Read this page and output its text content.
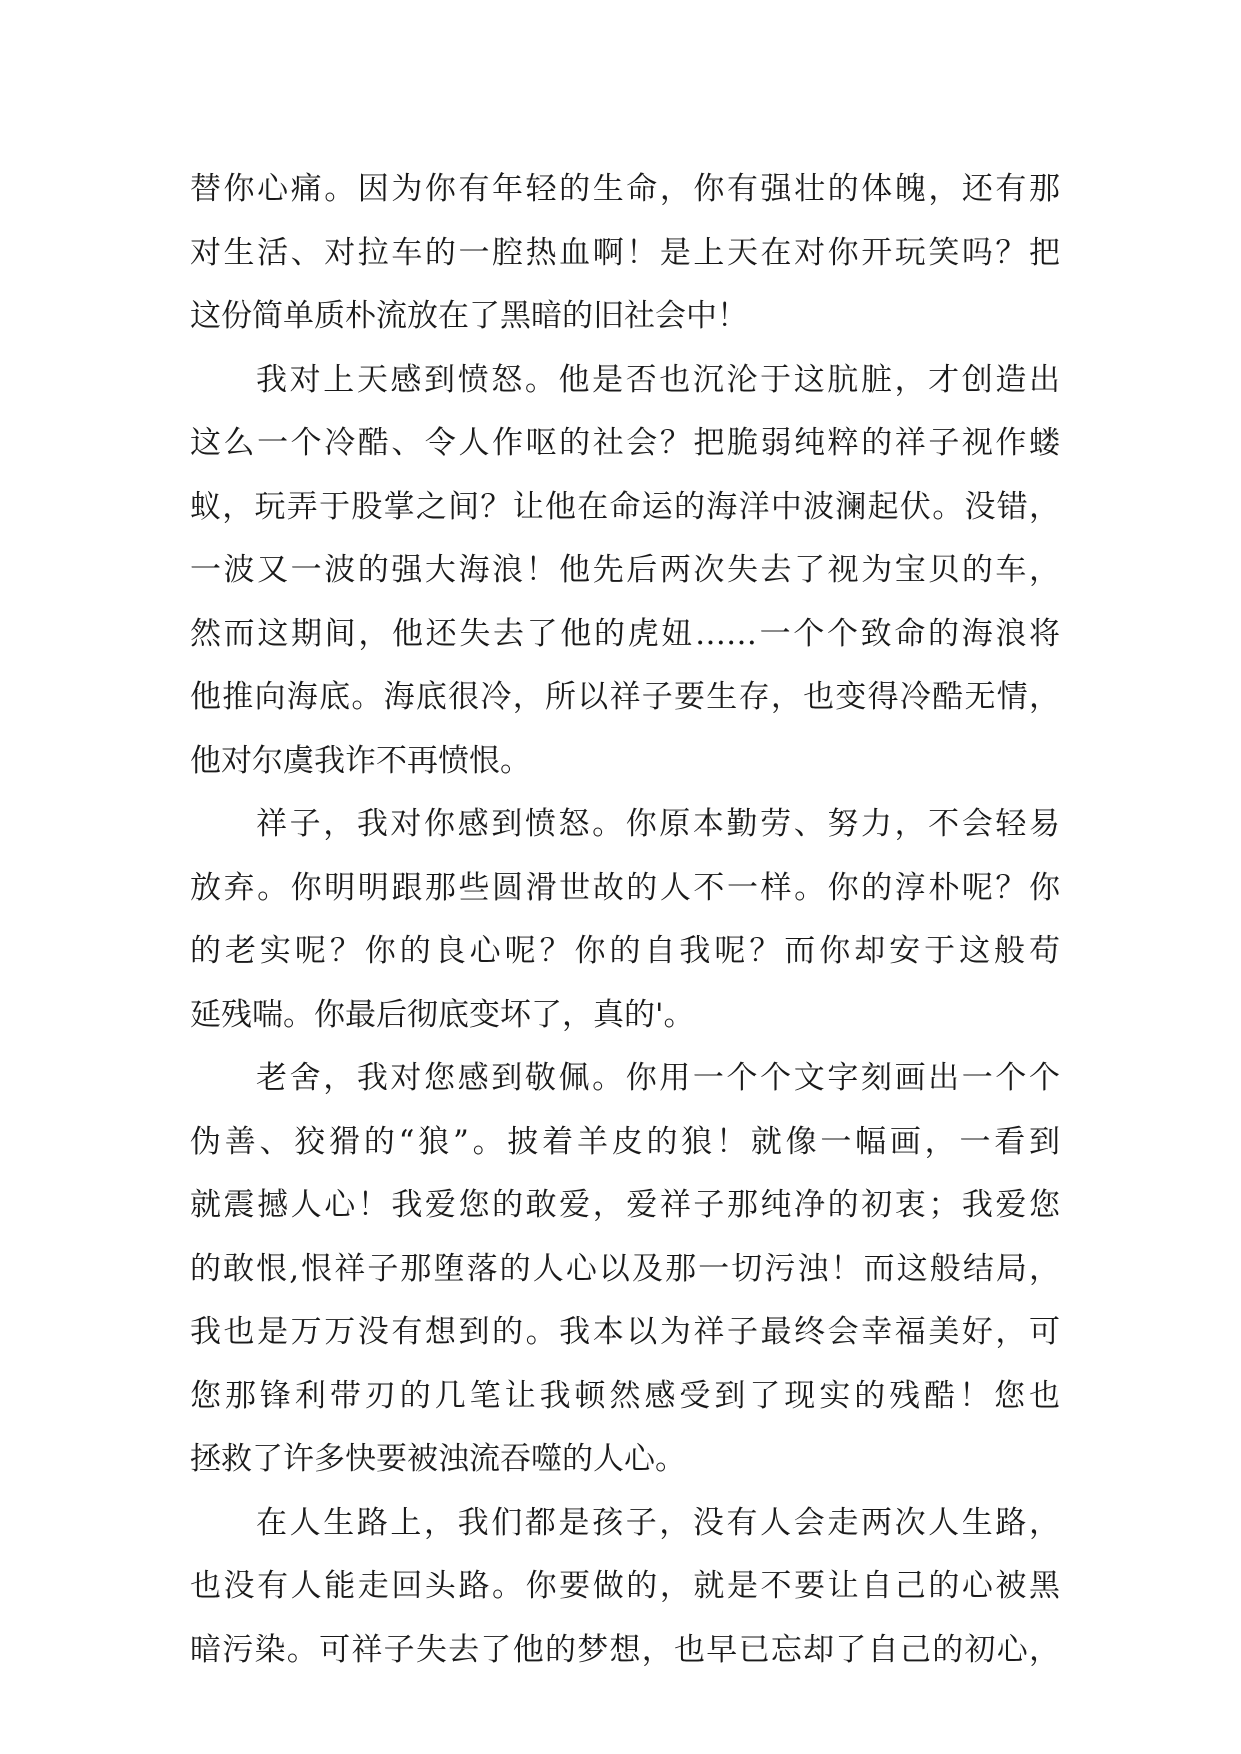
替你心痛。因为你有年轻的生命，你有强壮的体魄，还有那
对生活、对拉车的一腔热血啊！是上天在对你开玩笑吗？把
这份简单质朴流放在了黑暗的旧社会中！
我对上天感到愤怒。他是否也沉沦于这肮脏，才创造出
这么一个冷酷、令人作呕的社会？把脆弱纯粹的祥子视作蝼
蚁，玩弄于股掌之间？让他在命运的海洋中波澜起伏。没错，
一波又一波的强大海浪！他先后两次失去了视为宝贝的车，
然而这期间，他还失去了他的虎妞……一个个致命的海浪将
他推向海底。海底很冷，所以祥子要生存，也变得冷酷无情，
他对尔虞我诈不再愤恨。
祥子，我对你感到愤怒。你原本勤劳、努力，不会轻易
放弃。你明明跟那些圆滑世故的人不一样。你的淳朴呢？你
的老实呢？你的良心呢？你的自我呢？而你却安于这般苟
延残喘。你最后彻底变坏了，真的'。
老舍，我对您感到敬佩。你用一个个文字刻画出一个个
伪善、狡猾的“狼”。披着羊皮的狼！就像一幅画，一看到
就震撼人心！我爱您的敢爱，爱祥子那纯净的初衷；我爱您
的敢恨,恨祥子那堕落的人心以及那一切污浊！而这般结局，
我也是万万没有想到的。我本以为祥子最终会幸福美好，可
您那锋利带刃的几笔让我顿然感受到了现实的残酷！您也
拯救了许多快要被浊流吞噬的人心。
在人生路上，我们都是孩子，没有人会走两次人生路，
也没有人能走回头路。你要做的，就是不要让自己的心被黑
暗污染。可祥子失去了他的梦想，也早已忘却了自己的初心，
